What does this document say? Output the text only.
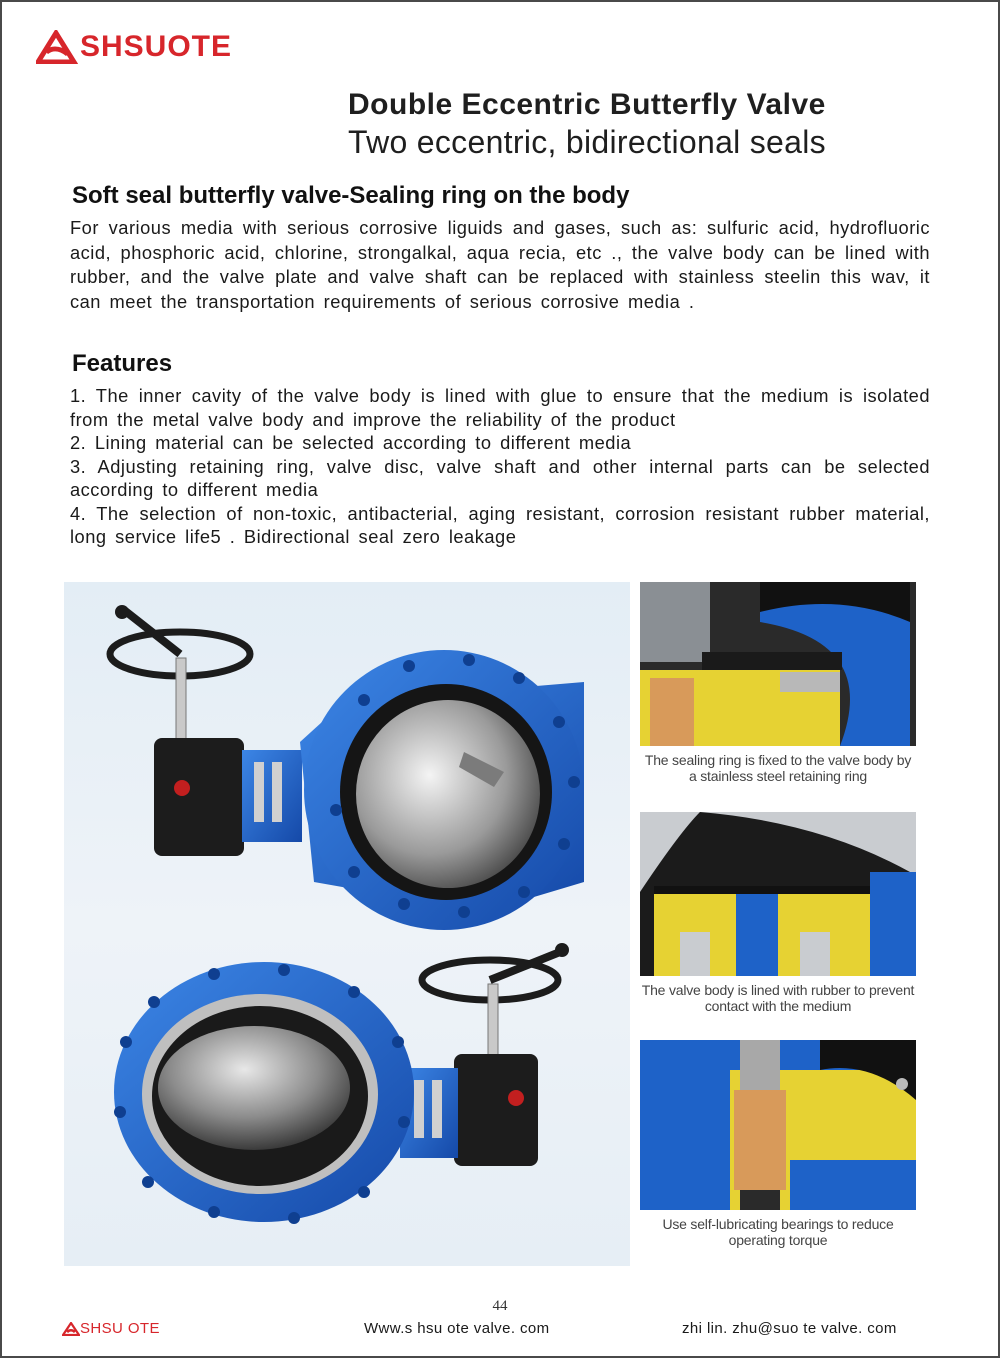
SHSUOTE
Double Eccentric Butterfly Valve
Two eccentric, bidirectional seals
Soft seal butterfly valve-Sealing ring on the body
For various media with serious corrosive liguids and gases, such as: sulfuric acid, hydrofluoric acid, phosphoric acid, chlorine, strongalkal, aqua recia, etc ., the valve body can be lined with rubber, and the valve plate and valve shaft can be replaced with stainless steelin this wav, it can meet the transportation requirements of serious corrosive media .
Features

1. The inner cavity of the valve body is lined with glue to ensure that the medium is isolated from the metal valve body and improve the reliability of the product

2. Lining material can be selected according to different media

3. Adjusting retaining ring, valve disc, valve shaft and other internal parts can be selected according to different media

4. The selection of non-toxic, antibacterial, aging resistant, corrosion resistant rubber material, long service life5 . Bidirectional seal zero leakage

The sealing ring is fixed to the valve body by a stainless steel retaining ring
The valve body is lined with rubber to prevent contact with the medium
Use self-lubricating bearings to reduce operating torque
44
SHSU OTE	Www.s hsu ote valve. com	zhi lin. zhu@suo te valve. com
